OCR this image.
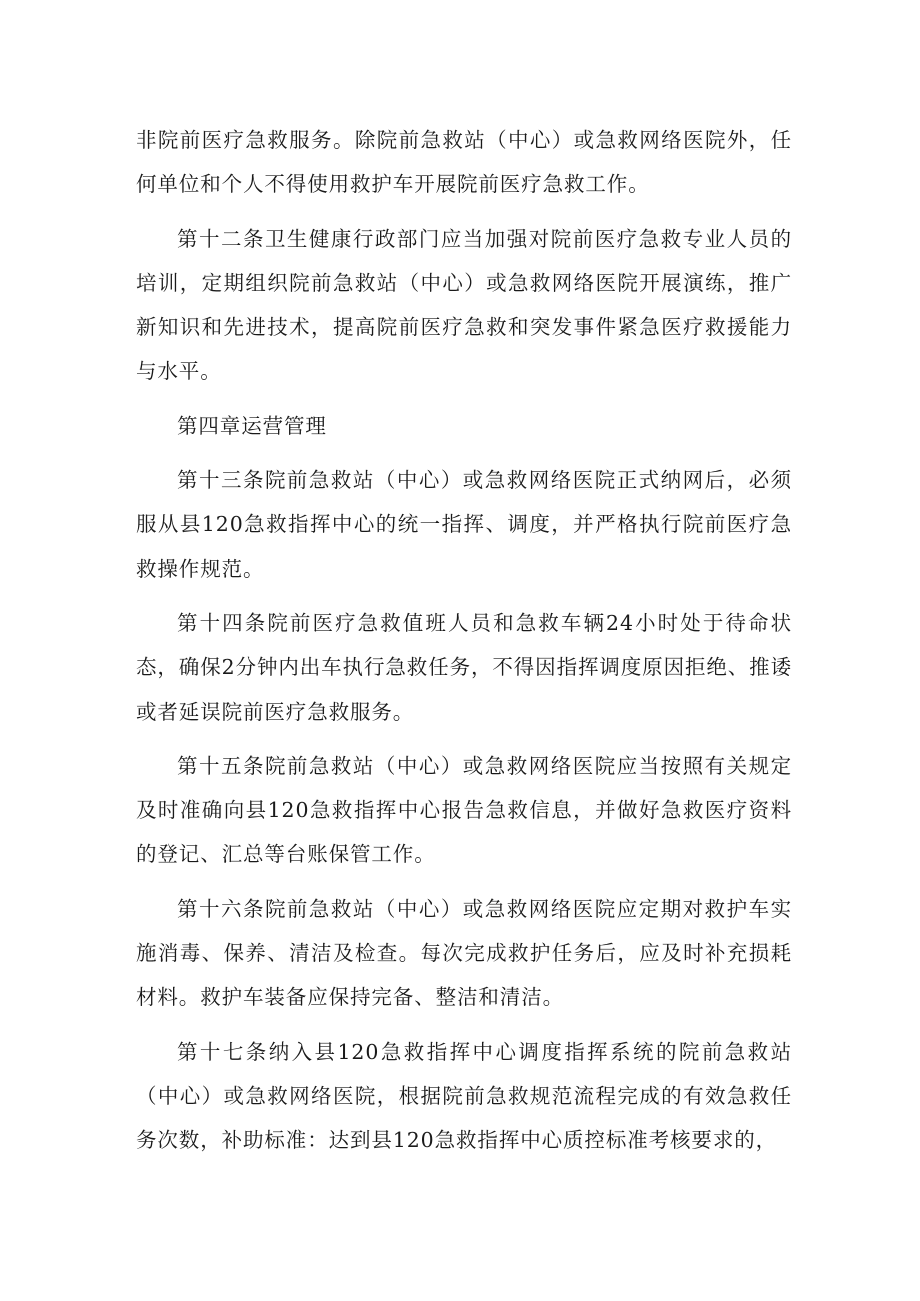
非院前医疗急救服务。除院前急救站（中心）或急救网络医院外，任何单位和个人不得使用救护车开展院前医疗急救工作。

第十二条卫生健康行政部门应当加强对院前医疗急救专业人员的培训，定期组织院前急救站（中心）或急救网络医院开展演练，推广新知识和先进技术，提高院前医疗急救和突发事件紧急医疗救援能力与水平。

第四章运营管理

第十三条院前急救站（中心）或急救网络医院正式纳网后，必须服从县120急救指挥中心的统一指挥、调度，并严格执行院前医疗急救操作规范。

第十四条院前医疗急救值班人员和急救车辆24小时处于待命状态，确保2分钟内出车执行急救任务，不得因指挥调度原因拒绝、推诿或者延误院前医疗急救服务。

第十五条院前急救站（中心）或急救网络医院应当按照有关规定及时准确向县120急救指挥中心报告急救信息，并做好急救医疗资料的登记、汇总等台账保管工作。

第十六条院前急救站（中心）或急救网络医院应定期对救护车实施消毒、保养、清洁及检查。每次完成救护任务后，应及时补充损耗材料。救护车装备应保持完备、整洁和清洁。

第十七条纳入县120急救指挥中心调度指挥系统的院前急救站（中心）或急救网络医院，根据院前急救规范流程完成的有效急救任务次数，补助标准：达到县120急救指挥中心质控标准考核要求的，
